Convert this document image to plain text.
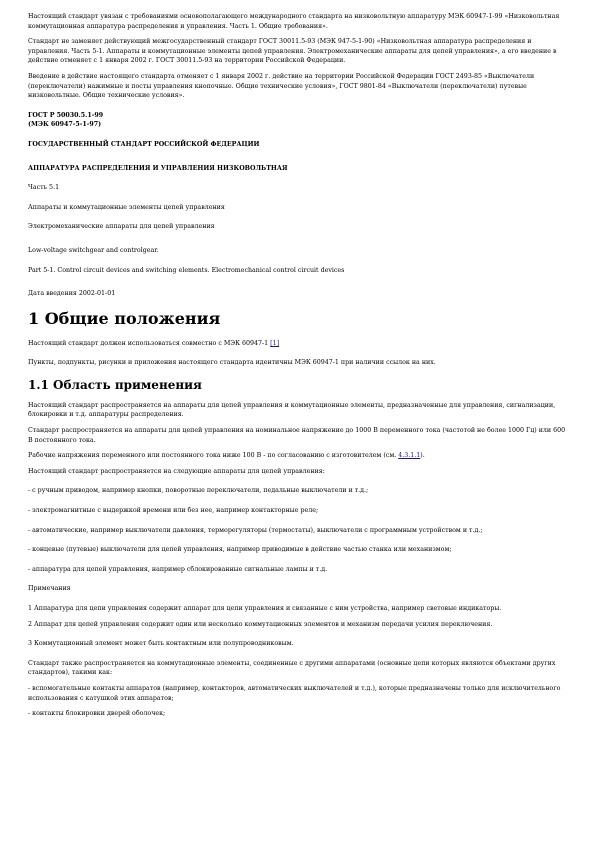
Настоящий стандарт увязан с требованиями основополагающего международного стандарта на низковольтную аппаратуру МЭК 60947-1-99 «Низковольтная коммутационная аппаратура распределения и управления. Часть 1. Общие требования».

Стандарт не заменяет действующий межгосударственный стандарт ГОСТ 30011.5-93 (МЭК 947-5-1-90) «Низковольтная аппаратура распределения и управления. Часть 5-1. Аппараты и коммутационные элементы цепей управления. Электромеханические аппараты для цепей управления», а его введение в действие отменяет с 1 января 2002 г. ГОСТ 30011.5-93 на территории Российской Федерации.

Введение в действие настоящего стандарта отменяет с 1 января 2002 г. действие на территории Российской Федерации ГОСТ 2493-85 «Выключатели (переключатели) нажимные и посты управления кнопочные. Общие технические условия», ГОСТ 9801-84 «Выключатели (переключатели) путевые низковольтные. Общие технические условия».

ГОСТ Р 50030.5.1-99

(МЭК 60947-5-1-97)

ГОСУДАРСТВЕННЫЙ СТАНДАРТ РОССИЙСКОЙ ФЕДЕРАЦИИ

АППАРАТУРА РАСПРЕДЕЛЕНИЯ И УПРАВЛЕНИЯ НИЗКОВОЛЬТНАЯ

Часть 5.1

Аппараты и коммутационные элементы цепей управления

Электромеханические аппараты для цепей управления

Low-voltage switchgear and controlgear.

Part 5-1. Control circuit devices and switching elements. Electromechanical control circuit devices

Дата введения 2002-01-01

1 Общие положения

Настоящий стандарт должен использоваться совместно с МЭК 60947-1 [1]

Пункты, подпункты, рисунки и приложения настоящего стандарта идентичны МЭК 60947-1 при наличии ссылок на них.

1.1 Область применения

Настоящий стандарт распространяется на аппараты для цепей управления и коммутационные элементы, предназначенные для управления, сигнализации, блокировки и т.д. аппаратуры распределения.

Стандарт распространяется на аппараты для цепей управления на номинальное напряжение до 1000 В переменного тока (частотой не более 1000 Гц) или 600 В постоянного тока.

Рабочие напряжения переменного или постоянного тока ниже 100 В - по согласованию с изготовителем (см. 4.3.1.1).

Настоящий стандарт распространяется на следующие аппараты для цепей управления:

- с ручным приводом, например кнопки, поворотные переключатели, педальные выключатели и т.д.;

- электромагнитные с выдержкой времени или без нее, например контакторные реле;

- автоматические, например выключатели давления, терморегуляторы (термостаты), выключатели с программным устройством и т.д.;

- концевые (путевые) выключатели для цепей управления, например приводимые в действие частью станка или механизмом;

- аппаратура для цепей управления, например сблокированные сигнальные лампы и т.д.

Примечания

1 Аппаратура для цепи управления содержит аппарат для цепи управления и связанные с ним устройства, например световые индикаторы.

2 Аппарат для цепей управления содержит один или несколько коммутационных элементов и механизм передачи усилия переключения.

3 Коммутационный элемент может быть контактным или полупроводниковым.

Стандарт также распространяется на коммутационные элементы, соединенные с другими аппаратами (основные цепи которых являются объектами других стандартов), такими как:

- вспомогательные контакты аппаратов (например, контакторов, автоматических выключателей и т.д.), которые предназначены только для исключительного использования с катушкой этих аппаратов;

- контакты блокировки дверей оболочек;
